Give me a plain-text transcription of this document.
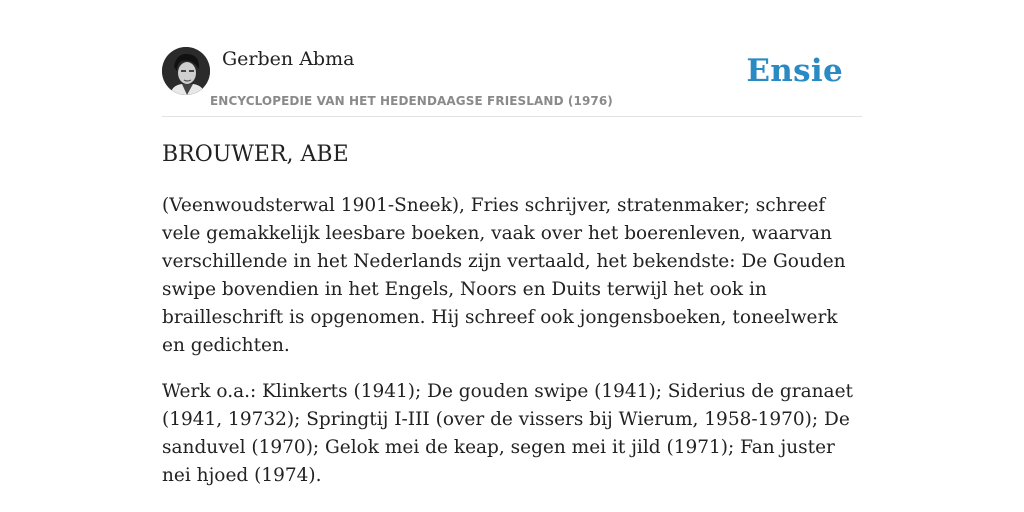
Gerben Abma
ENCYCLOPEDIE VAN HET HEDENDAAGSE FRIESLAND (1976)
Ensie
BROUWER, ABE

(Veenwoudsterwal 1901-Sneek), Fries schrijver, stratenmaker; schreef vele gemakkelijk leesbare boeken, vaak over het boerenleven, waarvan verschillende in het Nederlands zijn vertaald, het bekendste: De Gouden swipe bovendien in het Engels, Noors en Duits terwijl het ook in brailleschrift is opgenomen. Hij schreef ook jongensboeken, toneelwerk en gedichten.

Werk o.a.: Klinkerts (1941); De gouden swipe (1941); Siderius de granaet (1941, 19732); Springtij I-III (over de vissers bij Wierum, 1958-1970); De sanduvel (1970); Gelok mei de keap, segen mei it jild (1971); Fan juster nei hjoed (1974).
